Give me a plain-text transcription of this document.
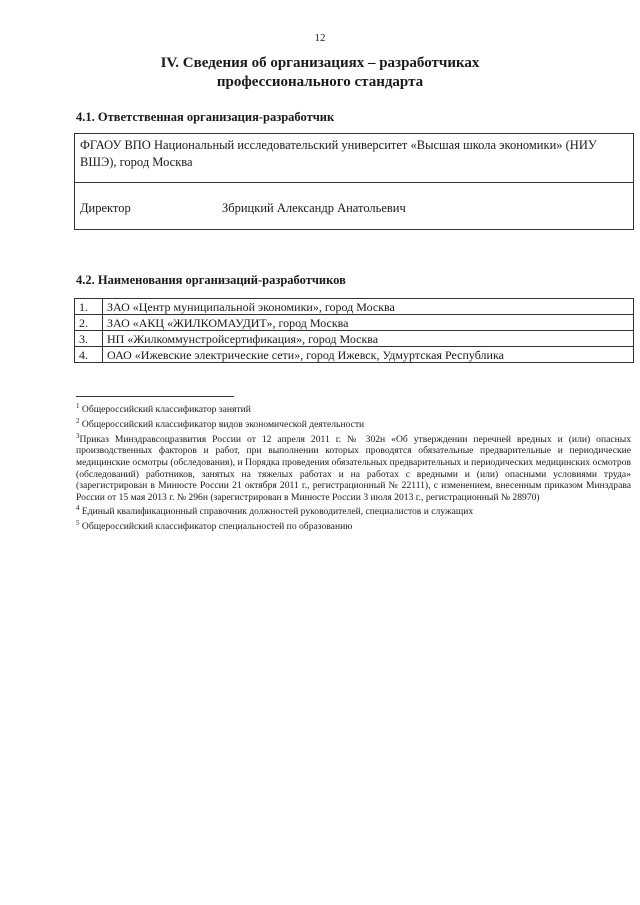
12
IV. Сведения об организациях – разработчиках
профессионального стандарта
4.1. Ответственная организация-разработчик
ФГАОУ ВПО Национальный исследовательский университет «Высшая школа экономики» (НИУ ВШЭ), город Москва
Директор	Збрицкий Александр Анатольевич
4.2. Наименования организаций-разработчиков
1.	ЗАО «Центр муниципальной экономики», город Москва
2.	ЗАО «АКЦ «ЖИЛКОМАУДИТ», город Москва
3.	НП «Жилкоммунстройсертификация», город Москва
4.	ОАО «Ижевские электрические сети», город Ижевск, Удмуртская Республика

$^1$ Общероссийский классификатор занятий

$^2$ Общероссийский классификатор видов экономической деятельности

$^3$Приказ Минздравсоцразвития России от 12 апреля 2011 г. № 302н «Об утверждении перечней вредных и (или) опасных производственных факторов и работ, при выполнении которых проводятся обязательные предварительные и периодические медицинские осмотры (обследования), и Порядка проведения обязательных предварительных и периодических медицинских осмотров (обследований) работников, занятых на тяжелых работах и на работах с вредными и (или) опасными условиями труда» (зарегистрирован в Минюсте России 21 октября 2011 г., регистрационный № 22111), с изменением, внесенным приказом Минздрава России от 15 мая 2013 г. № 296н (зарегистрирован в Минюсте России 3 июля 2013 г., регистрационный № 28970)

$^4$ Единый квалификационный справочник должностей руководителей, специалистов и служащих

$^5$ Общероссийский классификатор специальностей по образованию
